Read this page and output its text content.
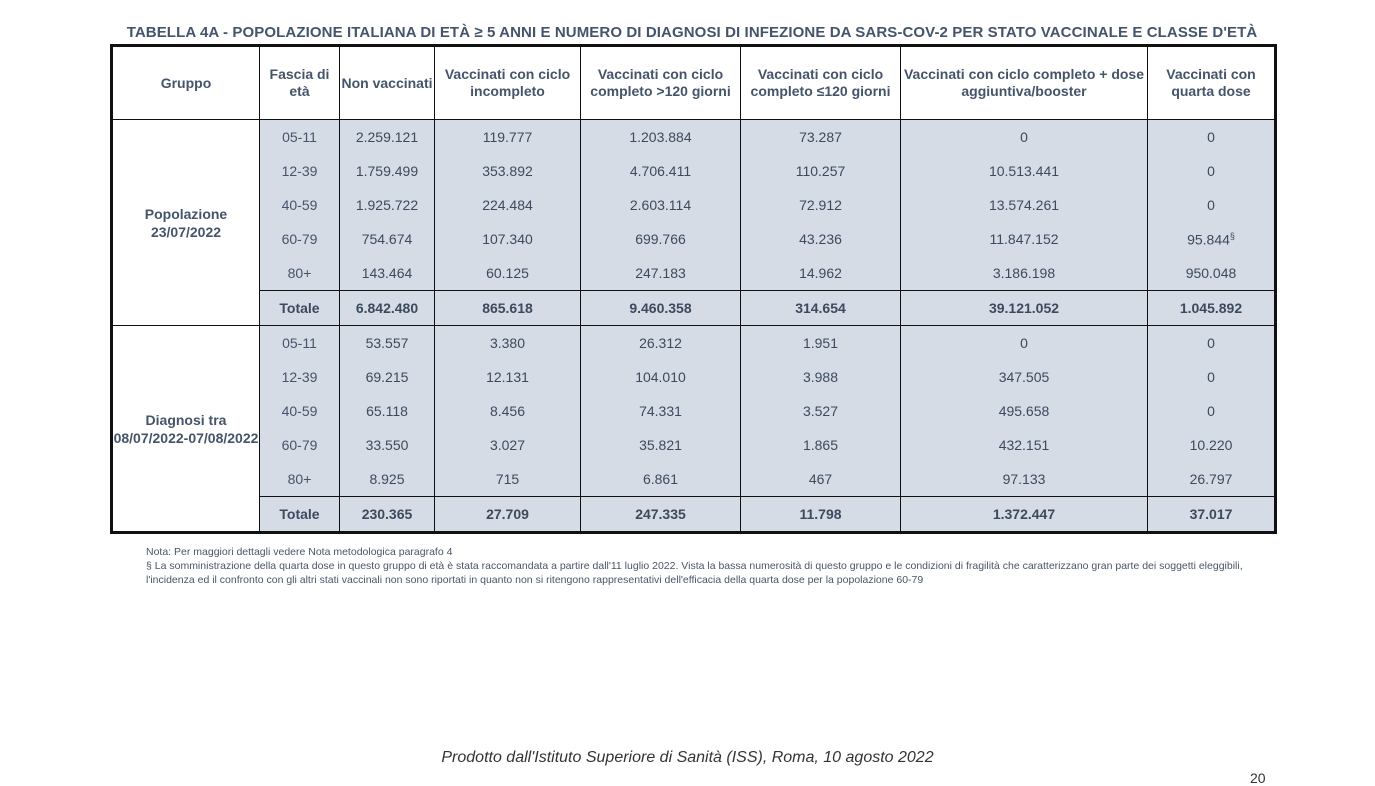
TABELLA 4A - POPOLAZIONE ITALIANA DI ETÀ ≥ 5 ANNI E NUMERO DI DIAGNOSI DI INFEZIONE DA SARS-COV-2 PER STATO VACCINALE E CLASSE D'ETÀ
Gruppo	Fascia di età	Non vaccinati	Vaccinati con ciclo incompleto	Vaccinati con ciclo completo >120 giorni	Vaccinati con ciclo completo ≤120 giorni	Vaccinati con ciclo completo + dose aggiuntiva/booster	Vaccinati con quarta dose
Popolazione 23/07/2022	05-11	2.259.121	119.777	1.203.884	73.287	0	0
	12-39	1.759.499	353.892	4.706.411	110.257	10.513.441	0
	40-59	1.925.722	224.484	2.603.114	72.912	13.574.261	0
	60-79	754.674	107.340	699.766	43.236	11.847.152	95.844§
	80+	143.464	60.125	247.183	14.962	3.186.198	950.048
	Totale	6.842.480	865.618	9.460.358	314.654	39.121.052	1.045.892
Diagnosi tra 08/07/2022-07/08/2022	05-11	53.557	3.380	26.312	1.951	0	0
	12-39	69.215	12.131	104.010	3.988	347.505	0
	40-59	65.118	8.456	74.331	3.527	495.658	0
	60-79	33.550	3.027	35.821	1.865	432.151	10.220
	80+	8.925	715	6.861	467	97.133	26.797
	Totale	230.365	27.709	247.335	11.798	1.372.447	37.017
Nota: Per maggiori dettagli vedere Nota metodologica paragrafo 4
§ La somministrazione della quarta dose in questo gruppo di età è stata raccomandata a partire dall'11 luglio 2022. Vista la bassa numerosità di questo gruppo e le condizioni di fragilità che caratterizzano gran parte dei soggetti eleggibili, l'incidenza ed il confronto con gli altri stati vaccinali non sono riportati in quanto non si ritengono rappresentativi dell'efficacia della quarta dose per la popolazione 60-79
Prodotto dall'Istituto Superiore di Sanità (ISS), Roma, 10 agosto 2022
20
